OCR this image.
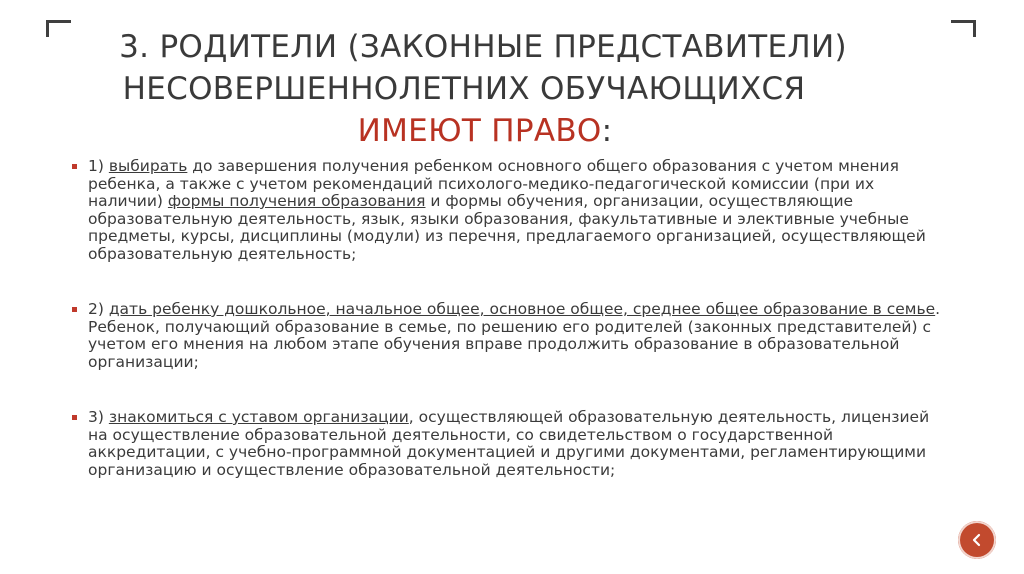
3. РОДИТЕЛИ (ЗАКОННЫЕ ПРЕДСТАВИТЕЛИ)
НЕСОВЕРШЕННОЛЕТНИХ ОБУЧАЮЩИХСЯ
ИМЕЮТ ПРАВО:
1) выбирать до завершения получения ребенком основного общего образования с учетом мнения ребенка, а также с учетом рекомендаций психолого-медико-педагогической комиссии (при их наличии) формы получения образования и формы обучения, организации, осуществляющие образовательную деятельность, язык, языки образования, факультативные и элективные учебные предметы, курсы, дисциплины (модули) из перечня, предлагаемого организацией, осуществляющей образовательную деятельность;
2) дать ребенку дошкольное, начальное общее, основное общее, среднее общее образование в семье. Ребенок, получающий образование в семье, по решению его родителей (законных представителей) с учетом его мнения на любом этапе обучения вправе продолжить образование в образовательной организации;
3) знакомиться с уставом организации, осуществляющей образовательную деятельность, лицензией на осуществление образовательной деятельности, со свидетельством о государственной аккредитации, с учебно-программной документацией и другими документами, регламентирующими организацию и осуществление образовательной деятельности;
